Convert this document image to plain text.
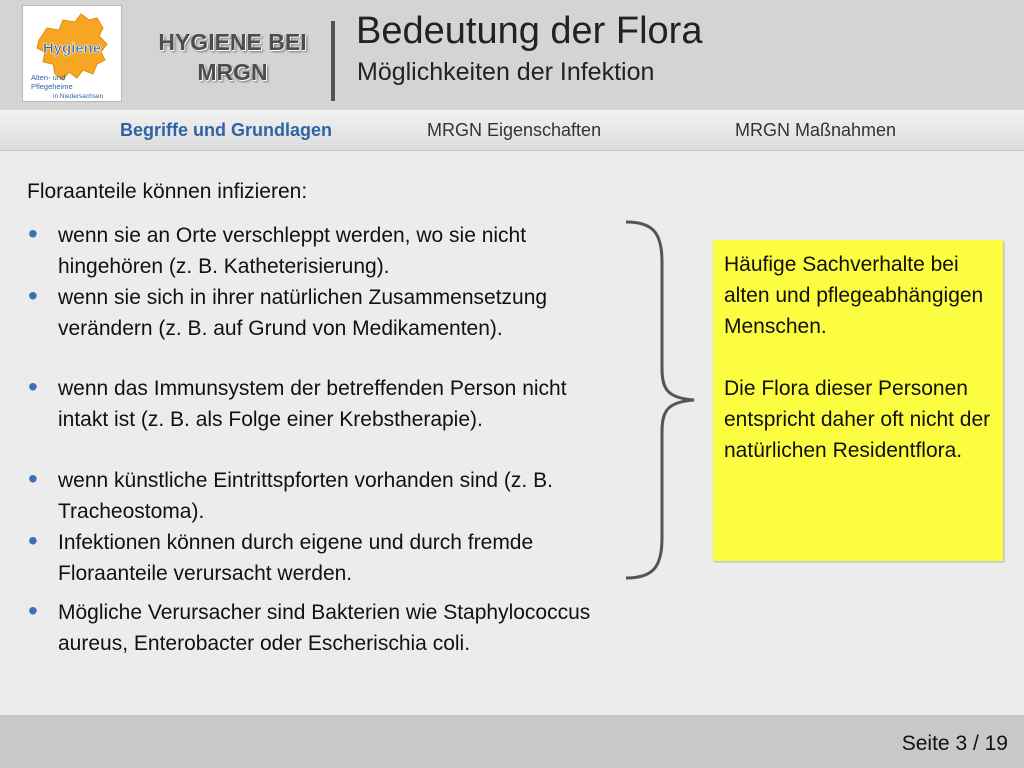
Hygiene
Alten- und
Pflegeheime
in Niedersachsen
HYGIENE BEI
MRGN
Bedeutung der Flora
Möglichkeiten der Infektion
Begriffe und Grundlagen	MRGN Eigenschaften	MRGN Maßnahmen
Floraanteile können infizieren:
• wenn sie an Orte verschleppt werden, wo sie nicht hingehören (z. B. Katheterisierung).
• wenn sie sich in ihrer natürlichen Zusammensetzung verändern (z. B. auf Grund von Medikamenten).
• wenn das Immunsystem der betreffenden Person nicht intakt ist (z. B. als Folge einer Krebstherapie).
• wenn künstliche Eintrittspforten vorhanden sind (z. B. Tracheostoma).
• Infektionen können durch eigene und durch fremde Floraanteile verursacht werden.
• Mögliche Verursacher sind Bakterien wie Staphylococcus aureus, Enterobacter oder Escherischia coli.

Häufige Sachverhalte bei alten und pflegeabhängigen Menschen.

Die Flora dieser Personen entspricht daher oft nicht der natürlichen Residentflora.

Seite 3 / 19
